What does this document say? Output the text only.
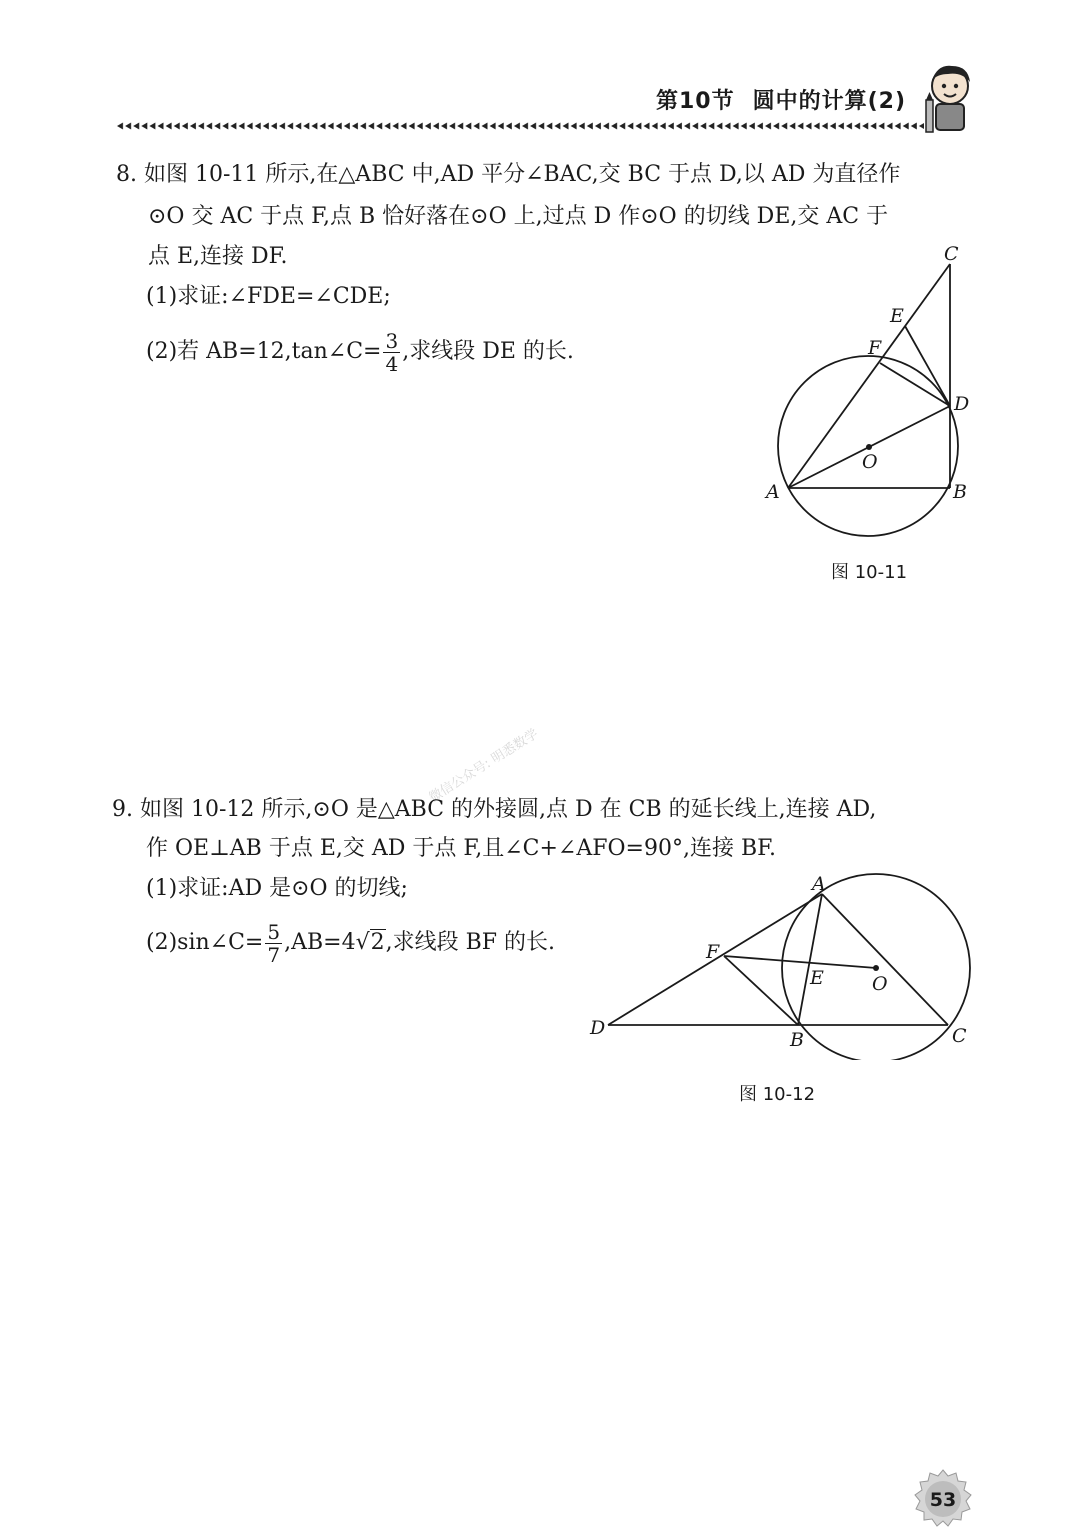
第10节 圆中的计算(2)
8. 如图 10-11 所示,在△ABC 中,AD 平分∠BAC,交 BC 于点 D,以 AD 为直径作
⊙O 交 AC 于点 F,点 B 恰好落在⊙O 上,过点 D 作⊙O 的切线 DE,交 AC 于
点 E,连接 DF.
(1)求证:∠FDE=∠CDE;
(2)若 AB=12,tan∠C= $\frac{3}{4}$ ,求线段 DE 的长.
A	B
C
D
E
F
O
图 10-11
微信公众号: 明悉数学
9. 如图 10-12 所示,⊙O 是△ABC 的外接圆,点 D 在 CB 的延长线上,连接 AD,
作 OE⊥AB 于点 E,交 AD 于点 F,且∠C+∠AFO=90°,连接 BF.
(1)求证:AD 是⊙O 的切线;
(2)sin∠C= $\frac{5}{7} ,AB=4√2$,求线段 BF 的长.
A
B	C
D
E
F
O
图 10-12
53
